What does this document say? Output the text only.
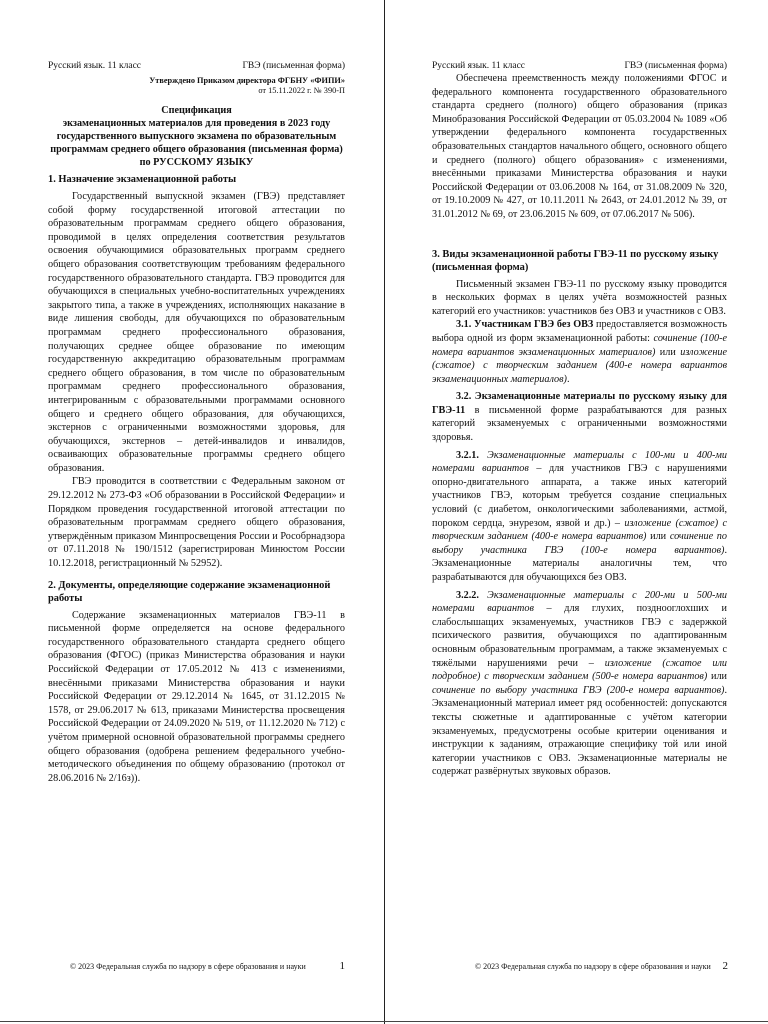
Русский язык. 11 класс	ГВЭ (письменная форма)
Утверждено Приказом директора ФГБНУ «ФИПИ»
от 15.11.2022 г. № 390-П
Спецификация
экзаменационных материалов для проведения в 2023 году
государственного выпускного экзамена по образовательным
программам среднего общего образования (письменная форма)
по РУССКОМУ ЯЗЫКУ
1. Назначение экзаменационной работы

Государственный выпускной экзамен (ГВЭ) представляет собой форму государственной итоговой аттестации по образовательным программам среднего общего образования, проводимой в целях определения соответствия результатов освоения обучающимися образовательных программ среднего общего образования соответствующим требованиям федерального государственного образовательного стандарта. ГВЭ проводится для обучающихся в специальных учебно-воспитательных учреждениях закрытого типа, а также в учреждениях, исполняющих наказание в виде лишения свободы, для обучающихся по образовательным программам среднего профессионального образования, получающих среднее общее образование по имеющим государственную аккредитацию образовательным программам среднего общего образования, в том числе по образовательным программам среднего профессионального образования, интегрированным с образовательными программами основного общего и среднего общего образования, для обучающихся, экстернов с ограниченными возможностями здоровья, для обучающихся, экстернов – детей-инвалидов и инвалидов, осваивающих образовательные программы среднего общего образования.

ГВЭ проводится в соответствии с Федеральным законом от 29.12.2012 № 273-ФЗ «Об образовании в Российской Федерации» и Порядком проведения государственной итоговой аттестации по образовательным программам среднего общего образования, утверждённым приказом Минпросвещения России и Рособрнадзора от 07.11.2018 № 190/1512 (зарегистрирован Минюстом России 10.12.2018, регистрационный № 52952).

2. Документы, определяющие содержание экзаменационной работы

Содержание экзаменационных материалов ГВЭ-11 в письменной форме определяется на основе федерального государственного образовательного стандарта среднего общего образования (ФГОС) (приказ Министерства образования и науки Российской Федерации от 17.05.2012 № 413 с изменениями, внесёнными приказами Министерства образования и науки Российской Федерации от 29.12.2014 № 1645, от 31.12.2015 № 1578, от 29.06.2017 № 613, приказами Министерства просвещения Российской Федерации от 24.09.2020 № 519, от 11.12.2020 № 712) с учётом примерной основной образовательной программы среднего общего образования (одобрена решением федерального учебно-методического объединения по общему образованию (протокол от 28.06.2016 № 2/16з)).

© 2023 Федеральная служба по надзору в сфере образования и науки	1
Русский язык. 11 класс	ГВЭ (письменная форма)

Обеспечена преемственность между положениями ФГОС и федерального компонента государственного образовательного стандарта среднего (полного) общего образования (приказ Минобразования Российской Федерации от 05.03.2004 № 1089 «Об утверждении федерального компонента государственных образовательных стандартов начального общего, основного общего и среднего (полного) общего образования» с изменениями, внесёнными приказами Министерства образования и науки Российской Федерации от 03.06.2008 № 164, от 31.08.2009 № 320, от 19.10.2009 № 427, от 10.11.2011 № 2643, от 24.01.2012 № 39, от 31.01.2012 № 69, от 23.06.2015 № 609, от 07.06.2017 № 506).

3. Виды экзаменационной работы ГВЭ-11 по русскому языку
(письменная форма)

Письменный экзамен ГВЭ-11 по русскому языку проводится в нескольких формах в целях учёта возможностей разных категорий его участников: участников без ОВЗ и участников с ОВЗ.

3.1. Участникам ГВЭ без ОВЗ предоставляется возможность выбора одной из форм экзаменационной работы: сочинение (100-е номера вариантов экзаменационных материалов) или изложение (сжатое) с творческим заданием (400-е номера вариантов экзаменационных материалов).

3.2. Экзаменационные материалы по русскому языку для ГВЭ-11 в письменной форме разрабатываются для разных категорий экзаменуемых с ограниченными возможностями здоровья.

3.2.1. Экзаменационные материалы с 100-ми и 400-ми номерами вариантов – для участников ГВЭ с нарушениями опорно-двигательного аппарата, а также иных категорий участников ГВЭ, которым требуется создание специальных условий (с диабетом, онкологическими заболеваниями, астмой, пороком сердца, энурезом, язвой и др.) – изложение (сжатое) с творческим заданием (400-е номера вариантов) или сочинение по выбору участника ГВЭ (100-е номера вариантов). Экзаменационные материалы аналогичны тем, что разрабатываются для обучающихся без ОВЗ.

3.2.2. Экзаменационные материалы с 200-ми и 500-ми номерами вариантов – для глухих, позднооглохших и слабослышащих экзаменуемых, участников ГВЭ с задержкой психического развития, обучающихся по адаптированным основным образовательным программам, а также экзаменуемых с тяжёлыми нарушениями речи – изложение (сжатое или подробное) с творческим заданием (500-е номера вариантов) или сочинение по выбору участника ГВЭ (200-е номера вариантов). Экзаменационный материал имеет ряд особенностей: допускаются тексты сюжетные и адаптированные с учётом категории экзаменуемых, предусмотрены особые критерии оценивания и инструкции к заданиям, отражающие специфику той или иной категории участников с ОВЗ. Экзаменационные материалы не содержат развёрнутых звуковых образов.

© 2023 Федеральная служба по надзору в сфере образования и науки 2
